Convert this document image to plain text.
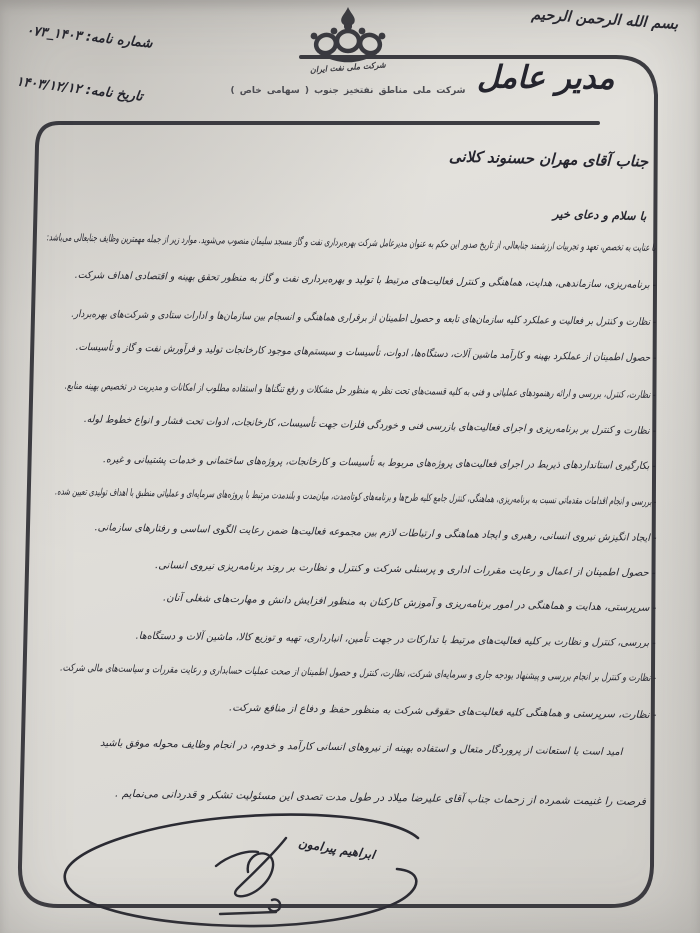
بسم الله الرحمن الرحیم
شماره نامه: ۱۴۰۳_۰۷۳
تاریخ نامه: ۱۴۰۳/۱۲/۱۲
شرکت ملی نفت ایران
شرکت ملی مناطق نفتخیز جنوب ( سهامی خاص ) مدیر عامل
جناب آقای مهران حسنوند کلانی
با سلام و دعای خیر
با عنایت به تخصص، تعهد و تجربیات ارزشمند جنابعالی، از تاریخ صدور این حکم به عنوان مدیرعامل شرکت بهره‌برداری نفت و گاز مسجد سلیمان منصوب می‌شوید. موارد زیر از جمله مهمترین وظایف جنابعالی می‌باشد:
- برنامه‌ریزی، سازماندهی، هدایت، هماهنگی و کنترل فعالیت‌های مرتبط با تولید و بهره‌برداری نفت و گاز به منظور تحقق بهینه و اقتصادی اهداف شرکت.
- نظارت و کنترل بر فعالیت و عملکرد کلیه سازمان‌های تابعه و حصول اطمینان از برقراری هماهنگی و انسجام بین سازمان‌ها و ادارات ستادی و شرکت‌های بهره‌بردار.
- حصول اطمینان از عملکرد بهینه و کارآمد ماشین آلات، دستگاه‌ها، ادوات، تأسیسات و سیستم‌های موجود کارخانجات تولید و فرآورش نفت و گاز و تأسیسات.
- نظارت، کنترل، بررسی و ارائه رهنمودهای عملیاتی و فنی به کلیه قسمت‌های تحت نظر به منظور حل مشکلات و رفع تنگناها و استفاده مطلوب از امکانات و مدیریت در تخصیص بهینه منابع.
- نظارت و کنترل بر برنامه‌ریزی و اجرای فعالیت‌های بازرسی فنی و خوردگی فلزات جهت تأسیسات، کارخانجات، ادوات تحت فشار و انواع خطوط لوله.
- بکارگیری استانداردهای ذیربط در اجرای فعالیت‌های پروژه‌های مربوط به تأسیسات و کارخانجات، پروژه‌های ساختمانی و خدمات پشتیبانی و غیره.
- بررسی و انجام اقدامات مقدماتی نسبت به برنامه‌ریزی، هماهنگی، کنترل جامع کلیه طرح‌ها و برنامه‌های کوتاه‌مدت، میان‌مدت و بلندمدت مرتبط با پروژه‌های سرمایه‌ای و عملیاتی منطبق با اهداف تولیدی تعیین شده.
- ایجاد انگیزش نیروی انسانی، رهبری و ایجاد هماهنگی و ارتباطات لازم بین مجموعه فعالیت‌ها ضمن رعایت الگوی اساسی و رفتارهای سازمانی.
- حصول اطمینان از اعمال و رعایت مقررات اداری و پرسنلی شرکت و کنترل و نظارت بر روند برنامه‌ریزی نیروی انسانی.
- سرپرستی، هدایت و هماهنگی در امور برنامه‌ریزی و آموزش کارکنان به منظور افزایش دانش و مهارت‌های شغلی آنان.
- بررسی، کنترل و نظارت بر کلیه فعالیت‌های مرتبط با تدارکات در جهت تأمین، انبارداری، تهیه و توزیع کالا، ماشین آلات و دستگاه‌ها.
- نظارت و کنترل بر انجام بررسی و پیشنهاد بودجه جاری و سرمایه‌ای شرکت، نظارت، کنترل و حصول اطمینان از صحت عملیات حسابداری و رعایت مقررات و سیاست‌های مالی شرکت.
- نظارت، سرپرستی و هماهنگی کلیه فعالیت‌های حقوقی شرکت به منظور حفظ و دفاع از منافع شرکت.
امید است با استعانت از پروردگار متعال و استفاده بهینه از نیروهای انسانی کارآمد و خدوم، در انجام وظایف محوله موفق باشید
فرصت را غنیمت شمرده از زحمات جناب آقای علیرضا میلاد در طول مدت تصدی این مسئولیت تشکر و قدردانی می‌نمایم .
ابراهیم پیرامون
